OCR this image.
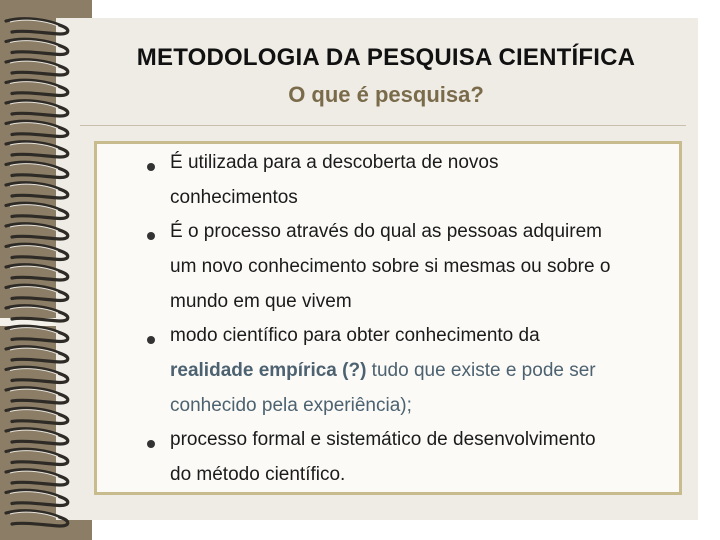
METODOLOGIA DA PESQUISA CIENTÍFICA
O que é pesquisa?
É utilizada para a descoberta de novos
conhecimentos
É o processo através do qual as pessoas adquirem
um novo conhecimento sobre si mesmas ou sobre o
mundo em que vivem
modo científico para obter conhecimento da
realidade empírica (?) tudo que existe e pode ser
conhecido pela experiência);
processo formal e sistemático de desenvolvimento
do método científico.
